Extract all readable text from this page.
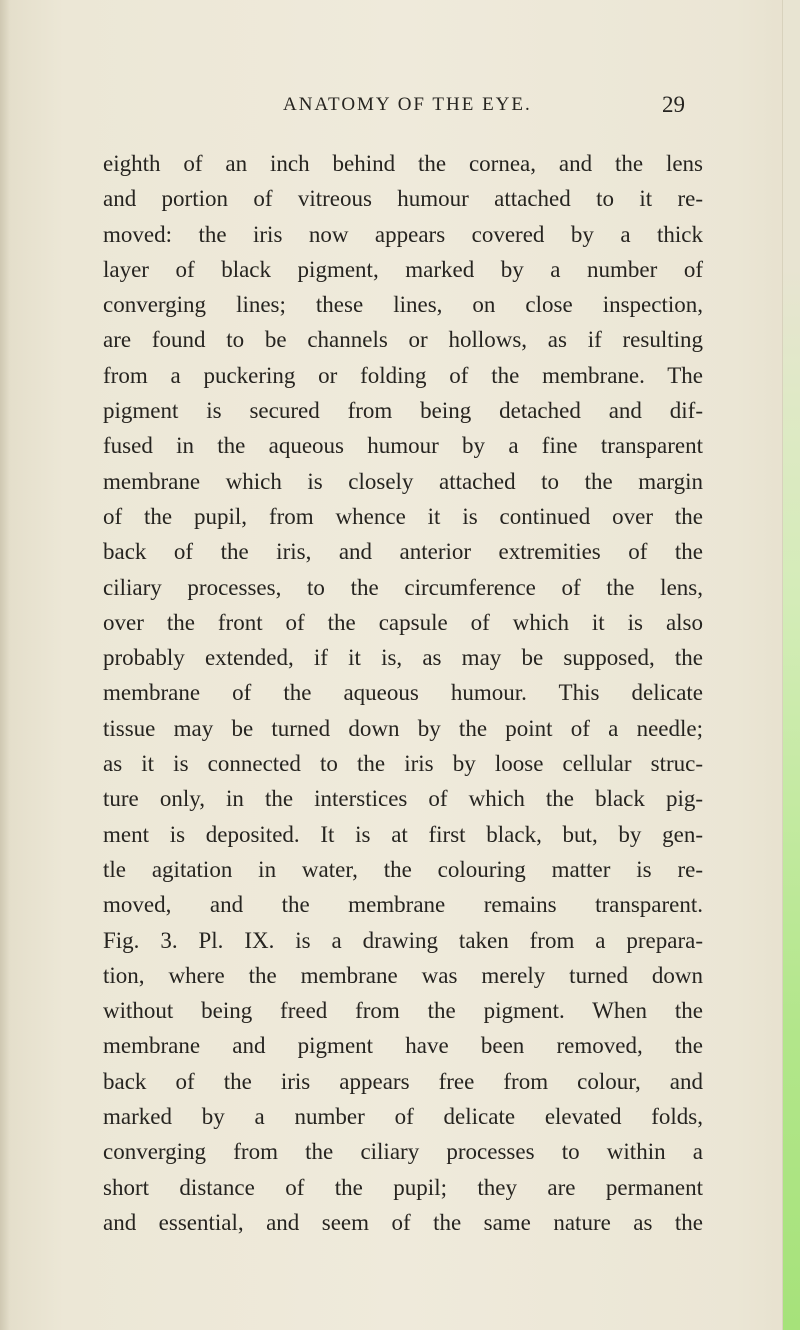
ANATOMY OF THE EYE.	29
eighth of an inch behind the cornea, and the lens
and portion of vitreous humour attached to it re-
moved: the iris now appears covered by a thick
layer of black pigment, marked by a number of
converging lines; these lines, on close inspection,
are found to be channels or hollows, as if resulting
from a puckering or folding of the membrane. The
pigment is secured from being detached and dif-
fused in the aqueous humour by a fine transparent
membrane which is closely attached to the margin
of the pupil, from whence it is continued over the
back of the iris, and anterior extremities of the
ciliary processes, to the circumference of the lens,
over the front of the capsule of which it is also
probably extended, if it is, as may be supposed, the
membrane of the aqueous humour. This delicate
tissue may be turned down by the point of a needle;
as it is connected to the iris by loose cellular struc-
ture only, in the interstices of which the black pig-
ment is deposited. It is at first black, but, by gen-
tle agitation in water, the colouring matter is re-
moved, and the membrane remains transparent.
Fig. 3. Pl. IX. is a drawing taken from a prepara-
tion, where the membrane was merely turned down
without being freed from the pigment. When the
membrane and pigment have been removed, the
back of the iris appears free from colour, and
marked by a number of delicate elevated folds,
converging from the ciliary processes to within a
short distance of the pupil; they are permanent
and essential, and seem of the same nature as the
